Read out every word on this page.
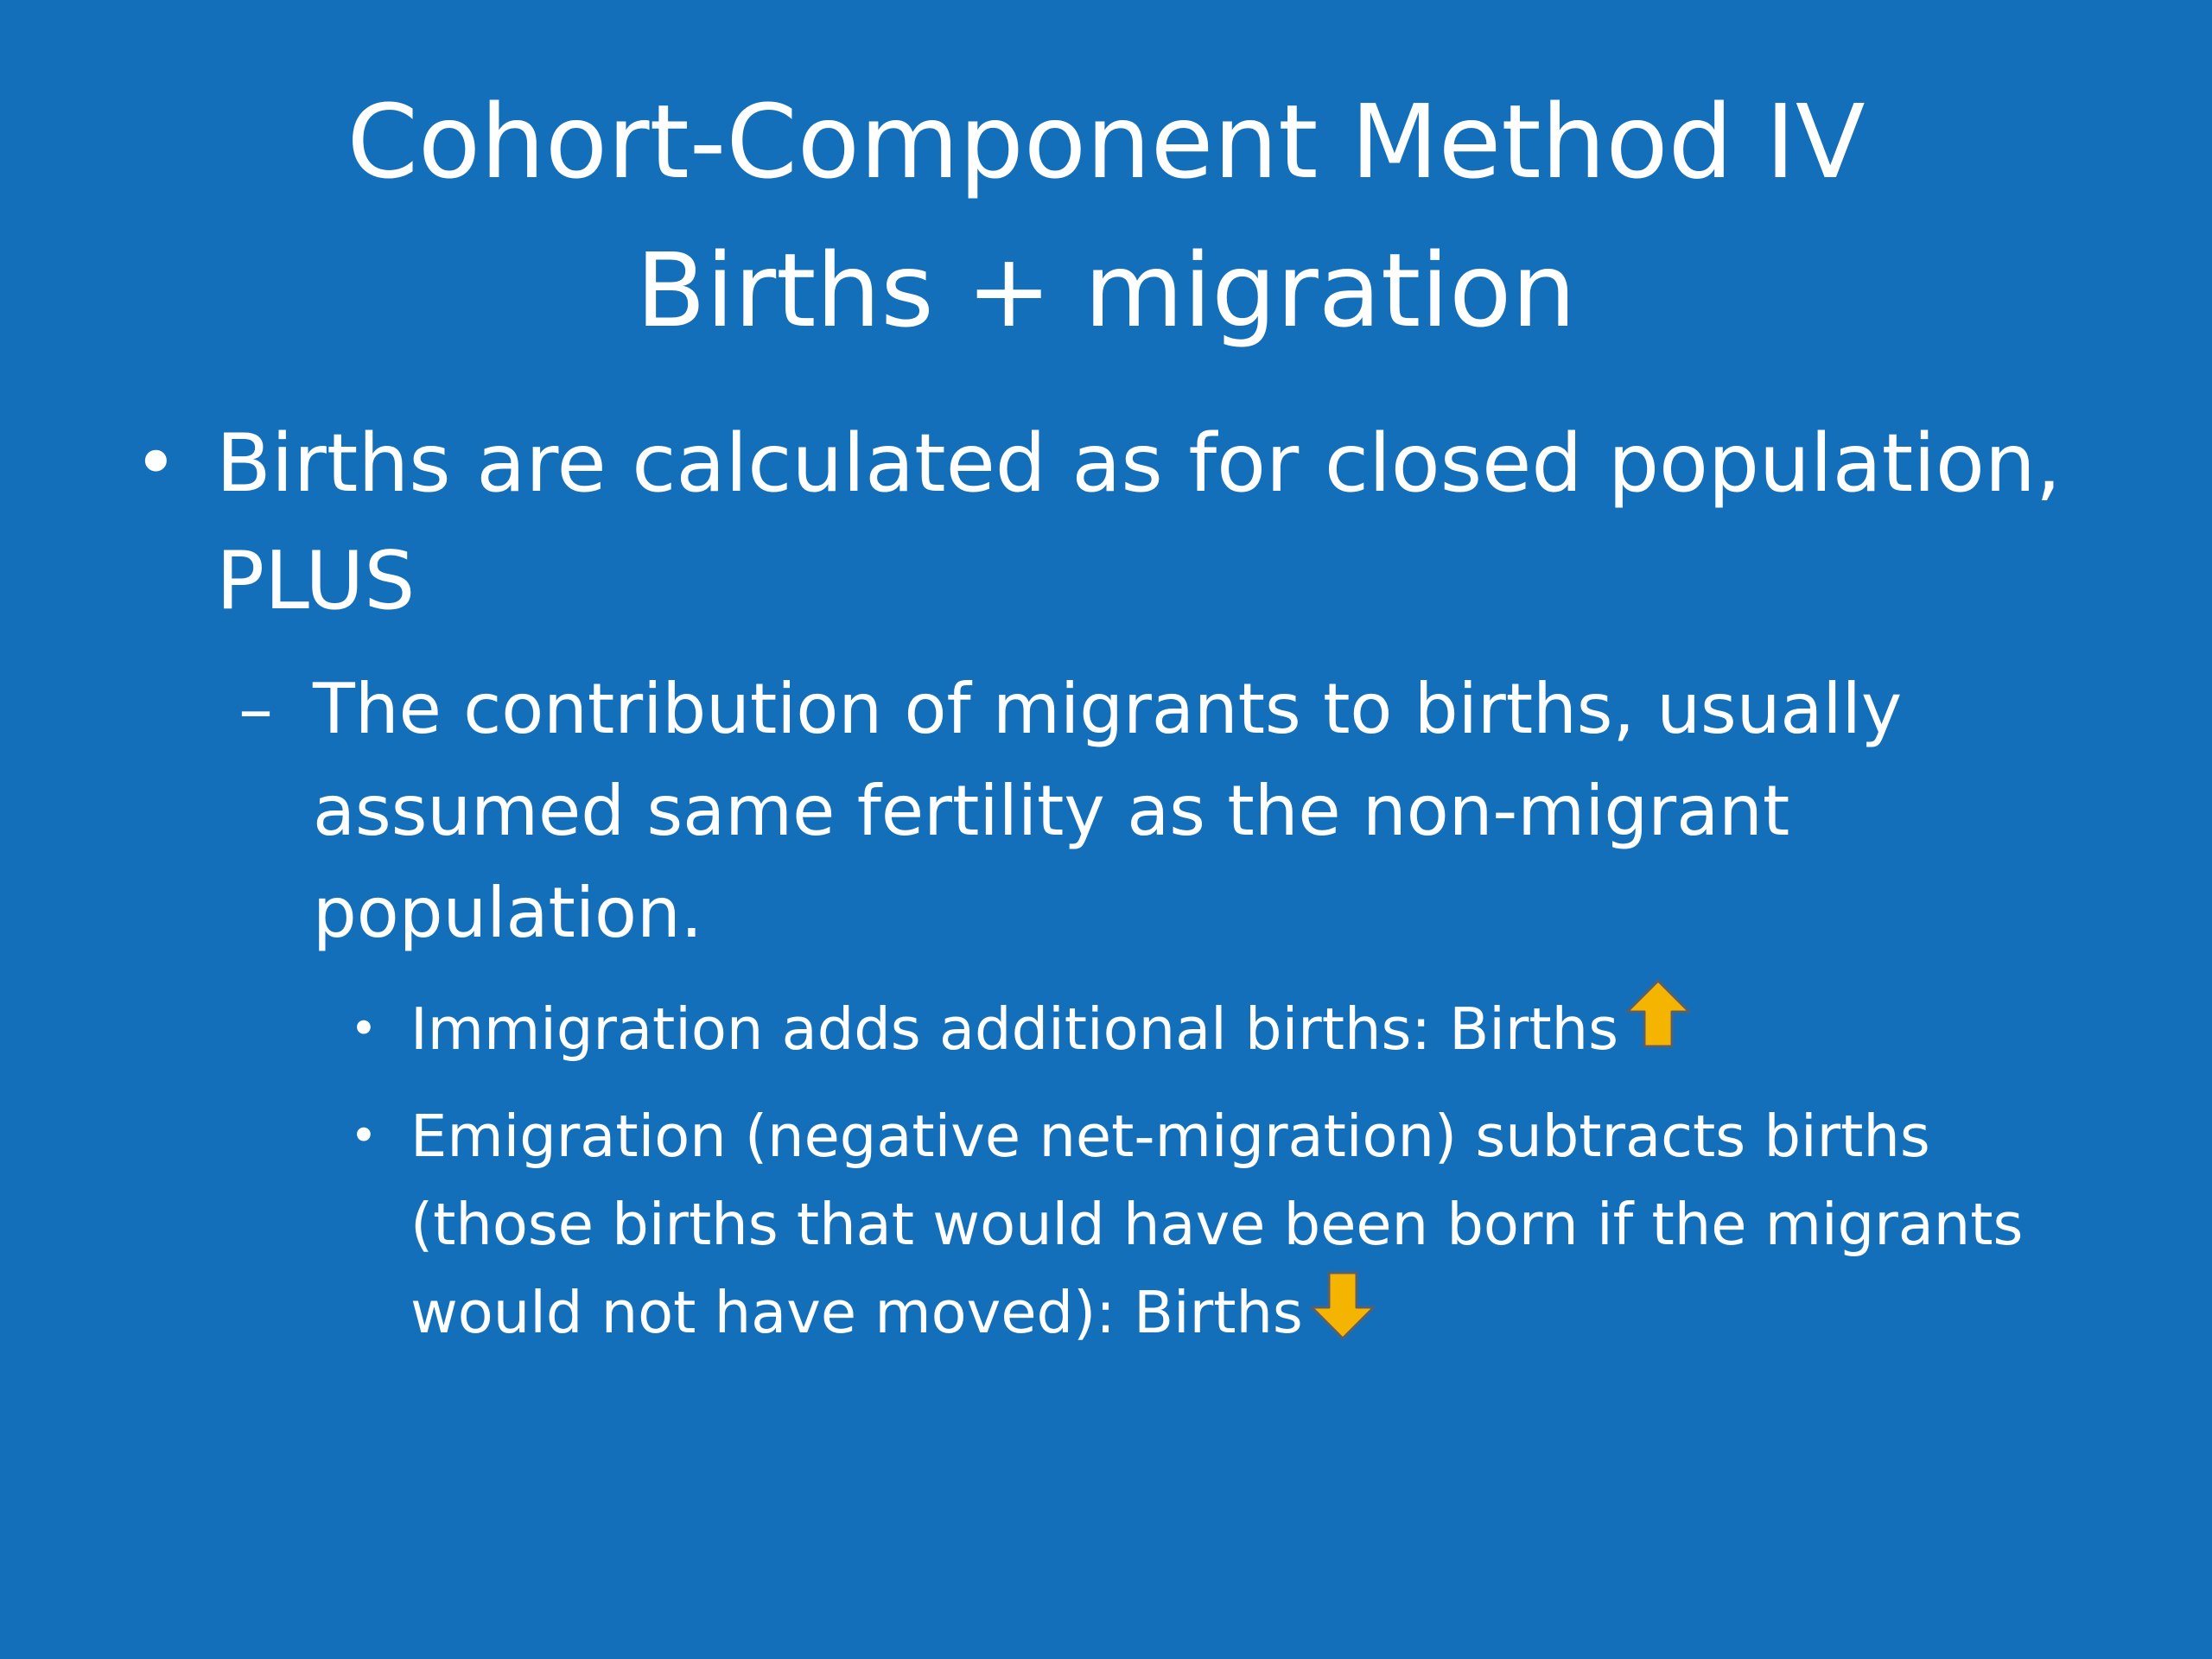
Cohort-Component Method IV
Births + migration
• Births are calculated as for closed population, PLUS
– The contribution of migrants to births, usually assumed same fertility as the non-migrant population.
• Immigration adds additional births: Births
• Emigration (negative net-migration) subtracts births (those births that would have been born if the migrants would not have moved): Births
